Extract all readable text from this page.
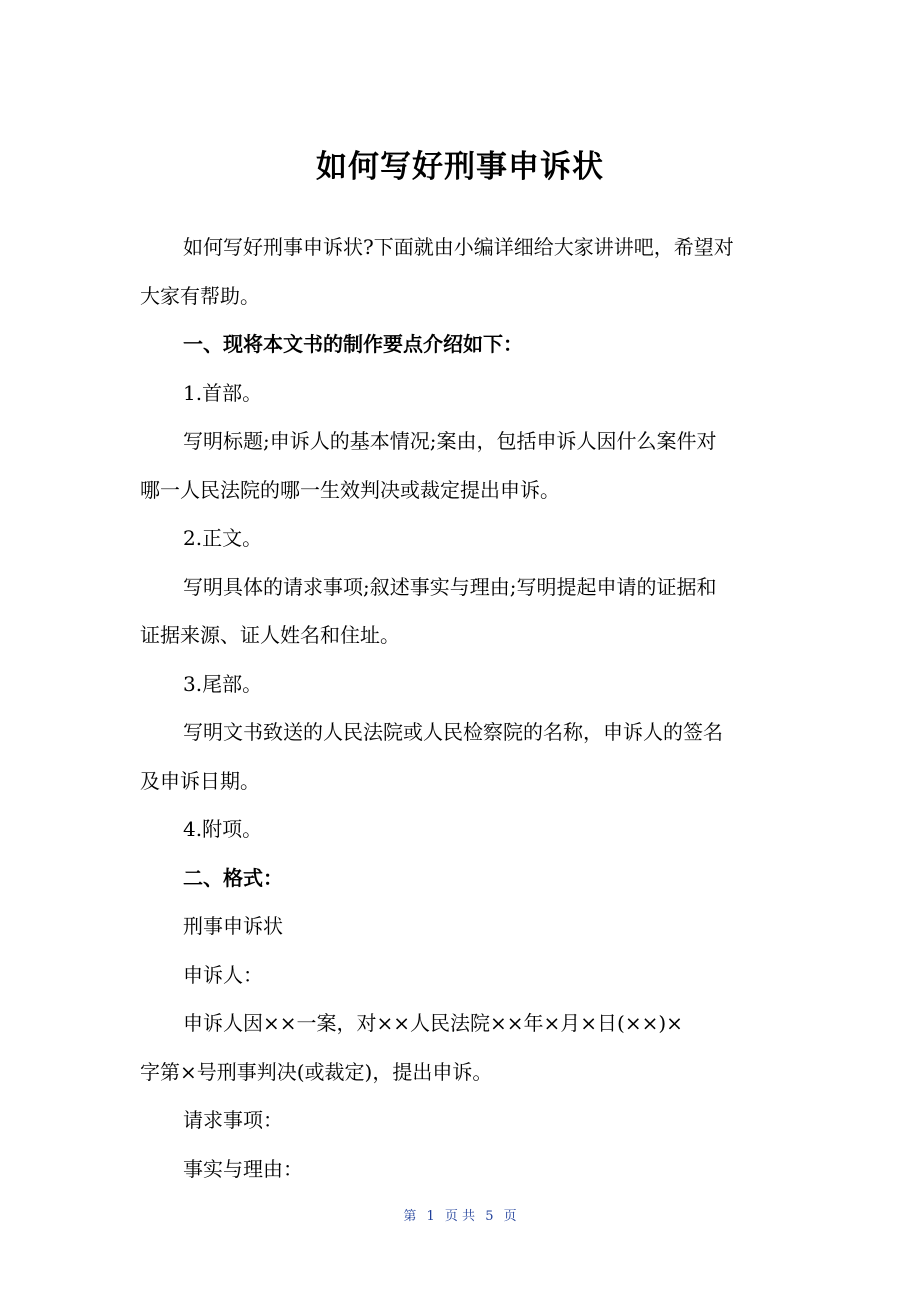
如何写好刑事申诉状

如何写好刑事申诉状?下面就由小编详细给大家讲讲吧，希望对

大家有帮助。

一、现将本文书的制作要点介绍如下：

1.首部。

写明标题;申诉人的基本情况;案由，包括申诉人因什么案件对

哪一人民法院的哪一生效判决或裁定提出申诉。

2.正文。

写明具体的请求事项;叙述事实与理由;写明提起申请的证据和

证据来源、证人姓名和住址。

3.尾部。

写明文书致送的人民法院或人民检察院的名称，申诉人的签名

及申诉日期。

4.附项。

二、格式：

刑事申诉状

申诉人：

申诉人因××一案，对××人民法院××年×月×日(××)×

字第×号刑事判决(或裁定)，提出申诉。

请求事项：

事实与理由：

第 1 页 共 5 页
